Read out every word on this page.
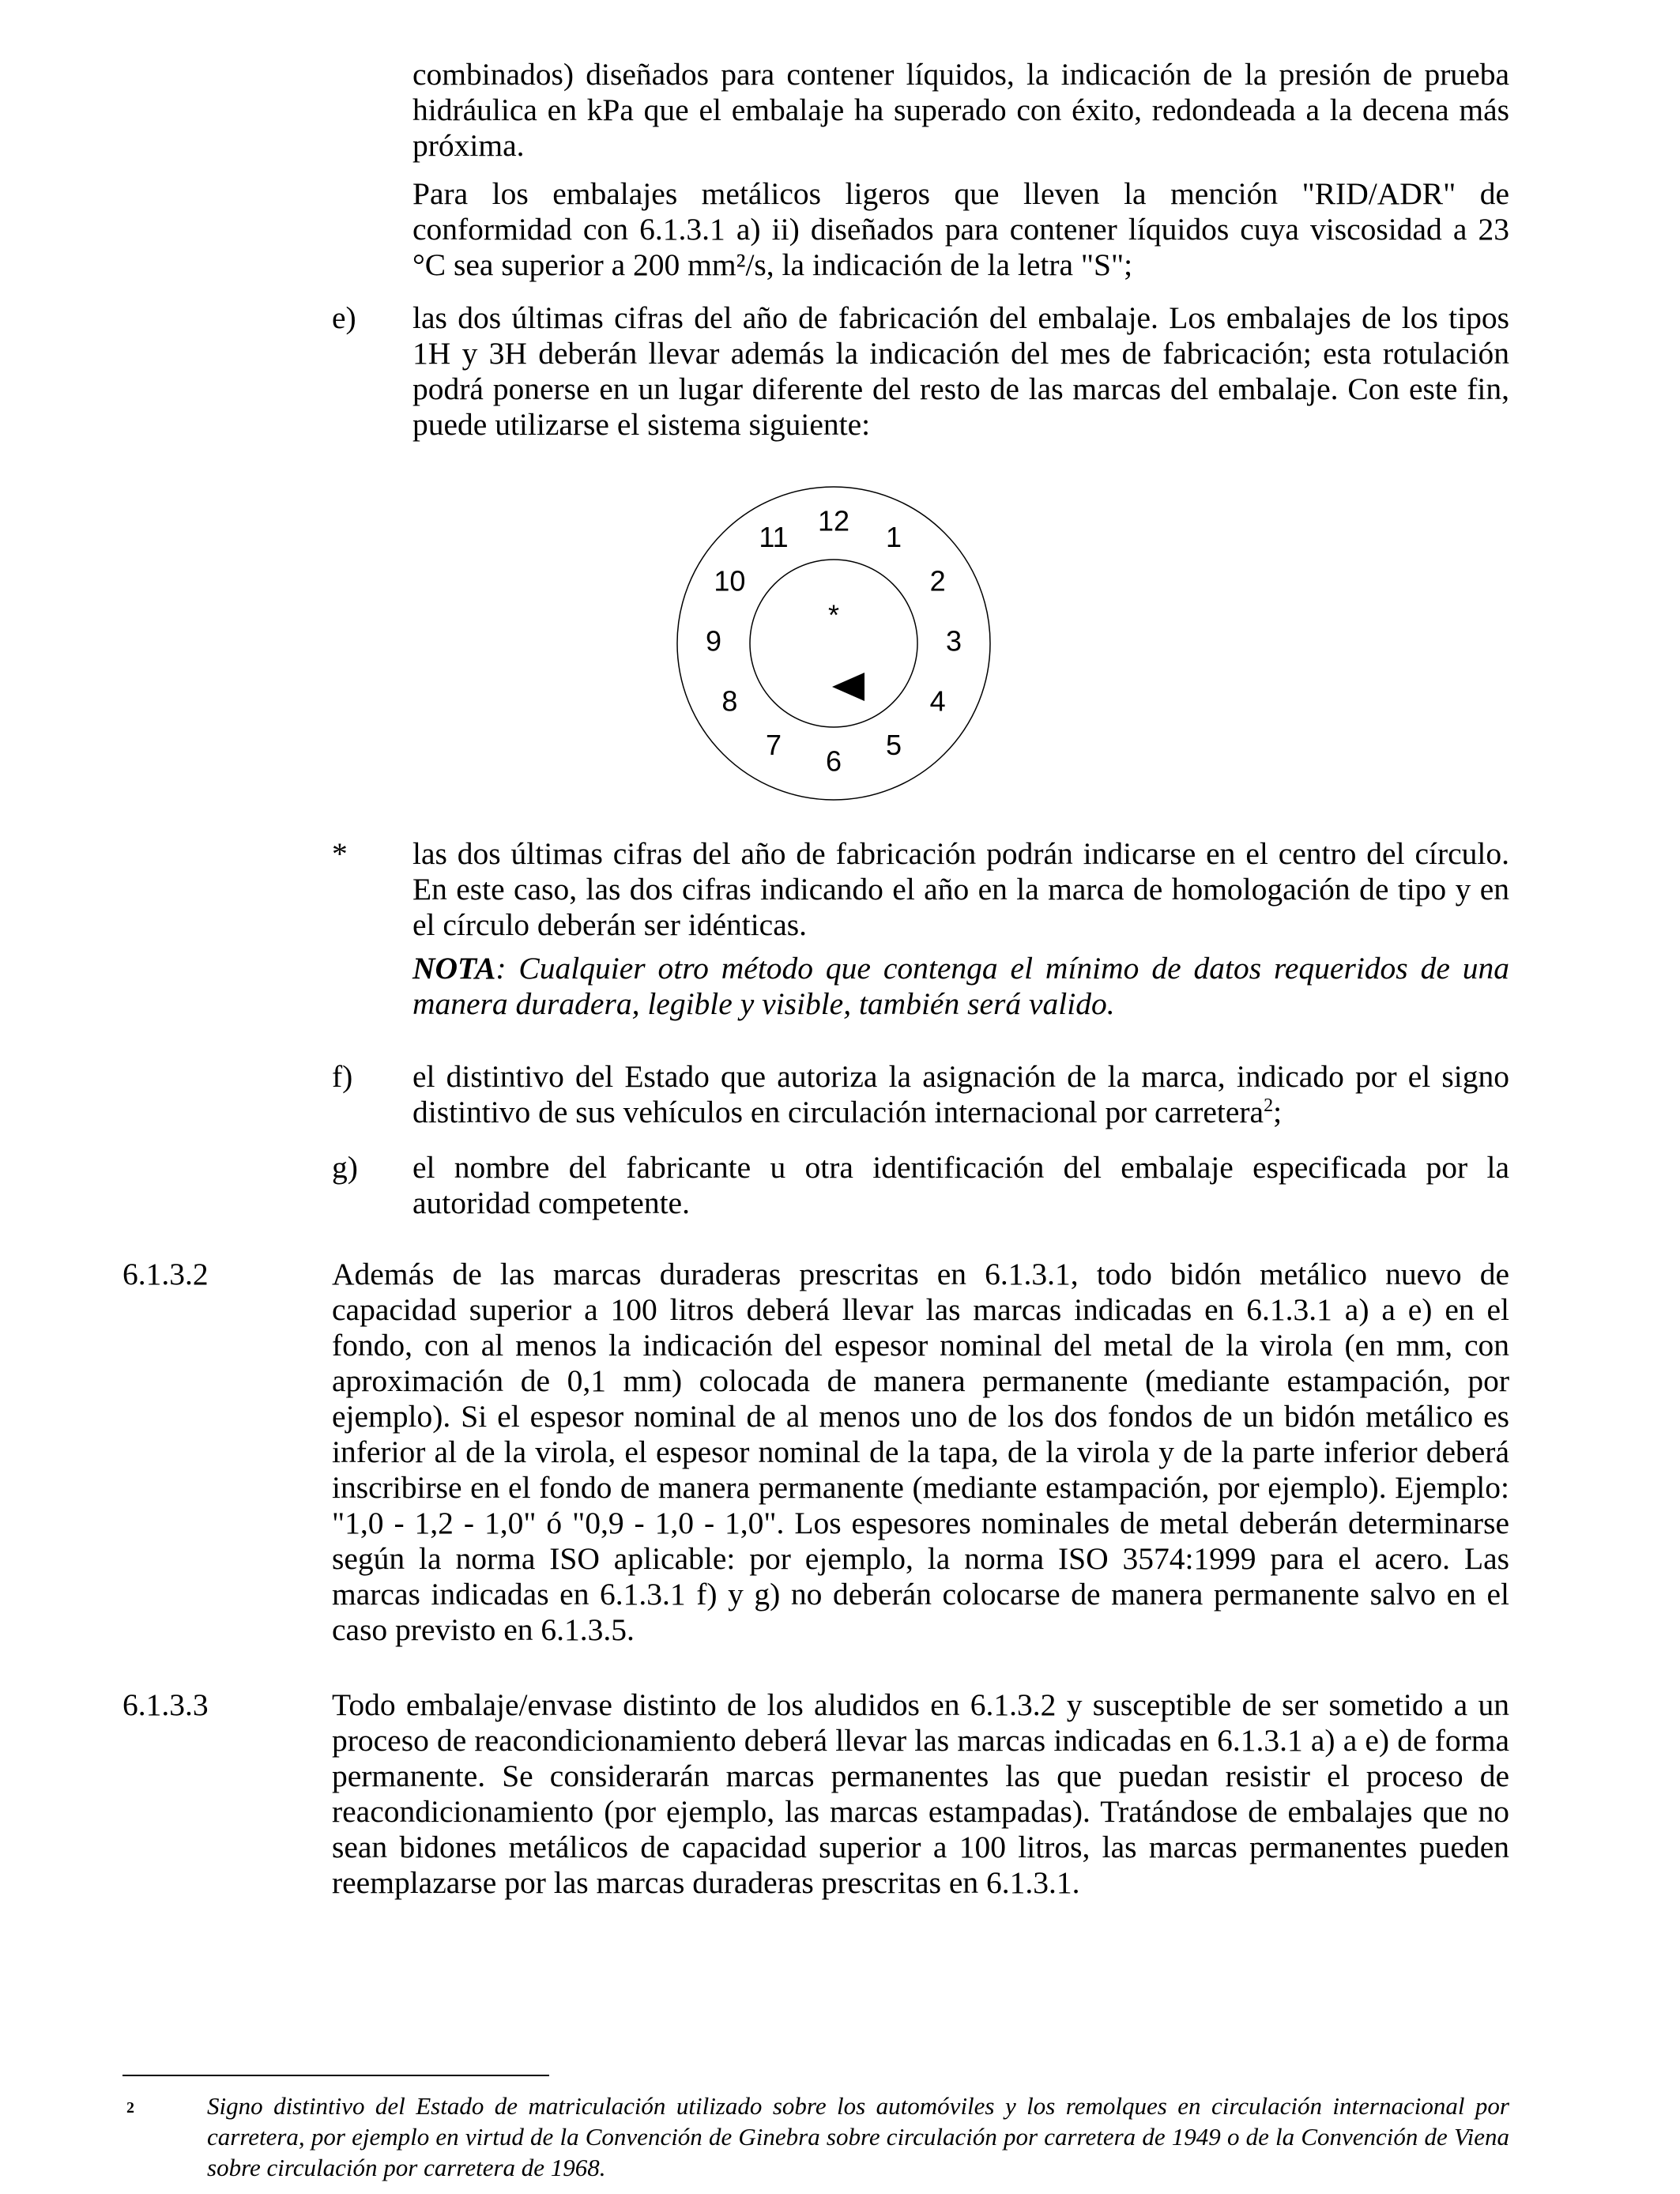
combinados) diseñados para contener líquidos, la indicación de la presión de prueba hidráulica en kPa que el embalaje ha superado con éxito, redondeada a la decena más próxima.

Para los embalajes metálicos ligeros que lleven la mención "RID/ADR" de conformidad con 6.1.3.1 a) ii) diseñados para contener líquidos cuya viscosidad a 23 °C sea superior a 200 mm²/s, la indicación de la letra "S";

e) las dos últimas cifras del año de fabricación del embalaje. Los embalajes de los tipos 1H y 3H deberán llevar además la indicación del mes de fabricación; esta rotulación podrá ponerse en un lugar diferente del resto de las marcas del embalaje. Con este fin, puede utilizarse el sistema siguiente:

12 1
2
3
4
5
6
7
8
9
10
11
*
* las dos últimas cifras del año de fabricación podrán indicarse en el centro del círculo. En este caso, las dos cifras indicando el año en la marca de homologación de tipo y en el círculo deberán ser idénticas.

NOTA: Cualquier otro método que contenga el mínimo de datos requeridos de una manera duradera, legible y visible, también será valido.

f) el distintivo del Estado que autoriza la asignación de la marca, indicado por el signo distintivo de sus vehículos en circulación internacional por carretera$^2$;

g) el nombre del fabricante u otra identificación del embalaje especificada por la autoridad competente.

6.1.3.2	Además de las marcas duraderas prescritas en 6.1.3.1, todo bidón metálico nuevo de capacidad superior a 100 litros deberá llevar las marcas indicadas en 6.1.3.1 a) a e) en el fondo, con al menos la indicación del espesor nominal del metal de la virola (en mm, con aproximación de 0,1 mm) colocada de manera permanente (mediante estampación, por ejemplo). Si el espesor nominal de al menos uno de los dos fondos de un bidón metálico es inferior al de la virola, el espesor nominal de la tapa, de la virola y de la parte inferior deberá inscribirse en el fondo de manera permanente (mediante estampación, por ejemplo). Ejemplo: "1,0 - 1,2 - 1,0" ó "0,9 - 1,0 - 1,0". Los espesores nominales de metal deberán determinarse según la norma ISO aplicable: por ejemplo, la norma ISO 3574:1999 para el acero. Las marcas indicadas en 6.1.3.1 f) y g) no deberán colocarse de manera permanente salvo en el caso previsto en 6.1.3.5.

6.1.3.3	Todo embalaje/envase distinto de los aludidos en 6.1.3.2 y susceptible de ser sometido a un proceso de reacondicionamiento deberá llevar las marcas indicadas en 6.1.3.1 a) a e) de forma permanente. Se considerarán marcas permanentes las que puedan resistir el proceso de reacondicionamiento (por ejemplo, las marcas estampadas). Tratándose de embalajes que no sean bidones metálicos de capacidad superior a 100 litros, las marcas permanentes pueden reemplazarse por las marcas duraderas prescritas en 6.1.3.1.

2	Signo distintivo del Estado de matriculación utilizado sobre los automóviles y los remolques en circulación internacional por carretera, por ejemplo en virtud de la Convención de Ginebra sobre circulación por carretera de 1949 o de la Convención de Viena sobre circulación por carretera de 1968.
